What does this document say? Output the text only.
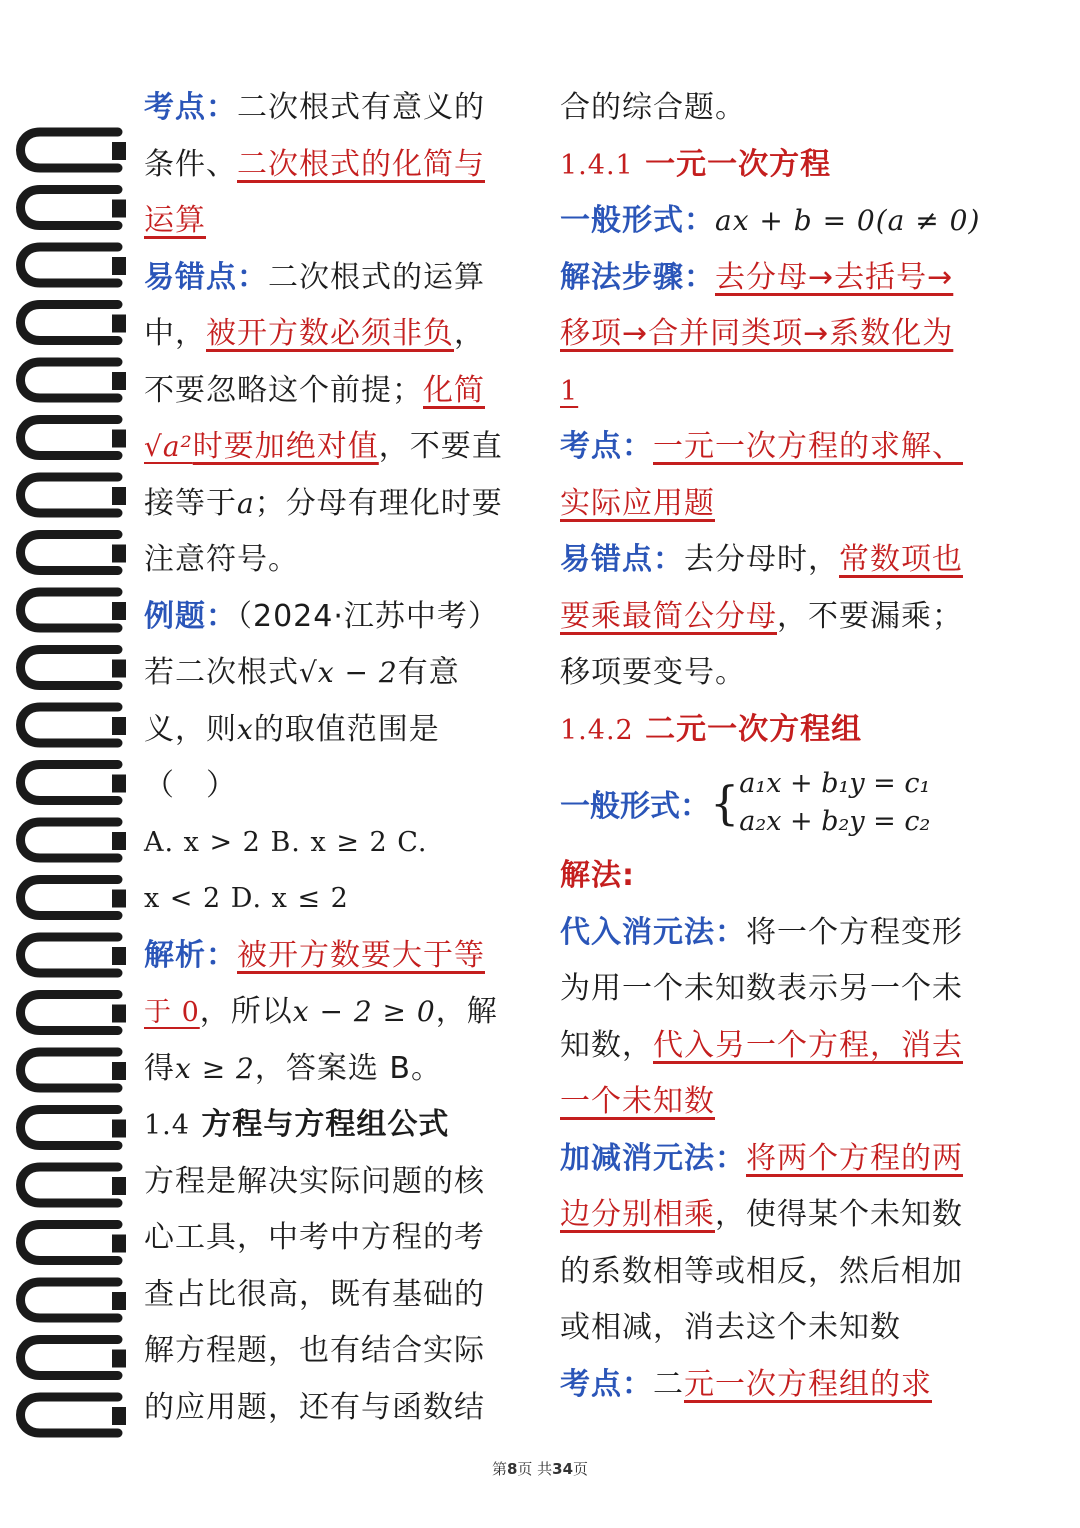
考点：二次根式有意义的
条件、二次根式的化简与
运算
易错点：二次根式的运算
中，被开方数必须非负，
不要忽略这个前提；化简
√a²时要加绝对值，不要直
接等于a；分母有理化时要
注意符号。
例题：（2024·江苏中考）
若二次根式√x − 2有意
义，则x的取值范围是
（　）
A. x > 2 B. x ≥ 2 C.
x < 2 D. x ≤ 2
解析：被开方数要大于等
于 0，所以x − 2 ≥ 0，解
得x ≥ 2，答案选 B。
1.4 方程与方程组公式
方程是解决实际问题的核
心工具，中考中方程的考
查占比很高，既有基础的
解方程题，也有结合实际
的应用题，还有与函数结
合的综合题。
1.4.1 一元一次方程
一般形式：ax + b = 0(a ≠ 0)
解法步骤：去分母→去括号→
移项→合并同类项→系数化为
1
考点：一元一次方程的求解、
实际应用题
易错点：去分母时，常数项也
要乘最简公分母，不要漏乘；
移项要变号。
1.4.2 二元一次方程组
一般形式： { a₁x + b₁y = c₁
a₂x + b₂y = c₂
解法:
代入消元法：将一个方程变形
为用一个未知数表示另一个未
知数，代入另一个方程，消去
一个未知数
加减消元法：将两个方程的两
边分别相乘，使得某个未知数
的系数相等或相反，然后相加
或相减，消去这个未知数
考点：二元一次方程组的求
第8页 共34页
